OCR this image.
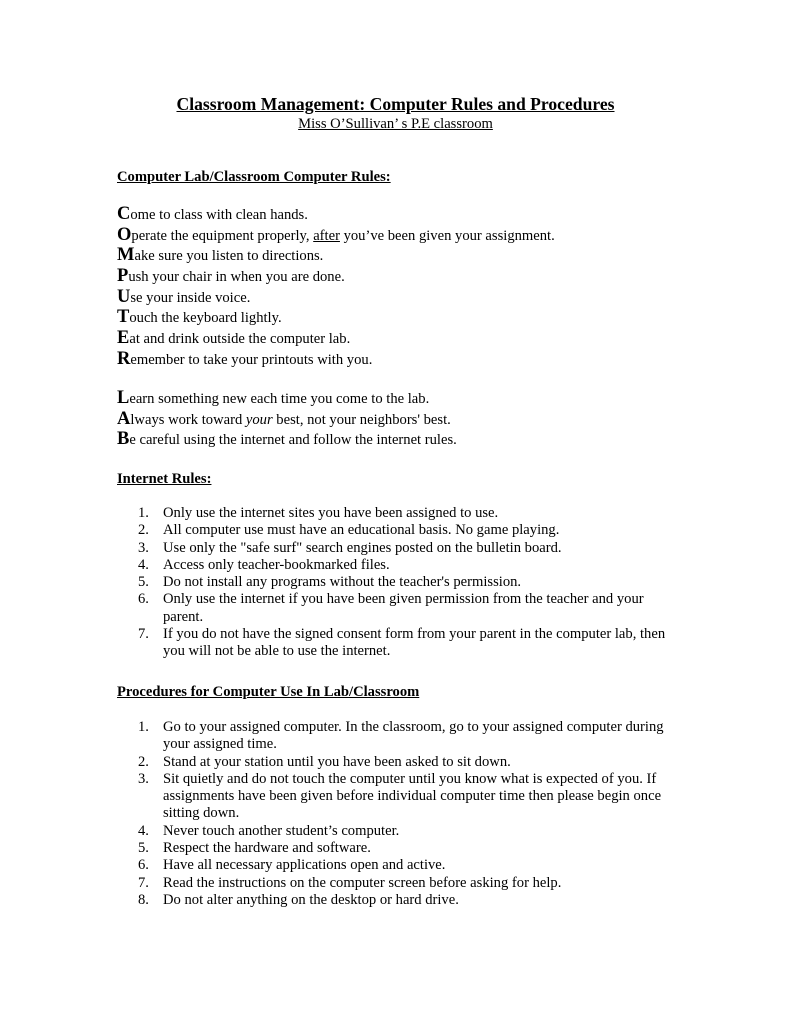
Classroom Management: Computer Rules and Procedures
Miss O’Sullivan’ s P.E classroom
Computer Lab/Classroom Computer Rules:
Come to class with clean hands.
Operate the equipment properly, after you’ve been given your assignment.
Make sure you listen to directions.
Push your chair in when you are done.
Use your inside voice.
Touch the keyboard lightly.
Eat and drink outside the computer lab.
Remember to take your printouts with you.
Learn something new each time you come to the lab.
Always work toward your best, not your neighbors' best.
Be careful using the internet and follow the internet rules.
Internet Rules:
1. Only use the internet sites you have been assigned to use.
2. All computer use must have an educational basis. No game playing.
3. Use only the "safe surf" search engines posted on the bulletin board.
4. Access only teacher-bookmarked files.
5. Do not install any programs without the teacher's permission.
6. Only use the internet if you have been given permission from the teacher and your parent.
7. If you do not have the signed consent form from your parent in the computer lab, then you will not be able to use the internet.
Procedures for Computer Use In Lab/Classroom
1. Go to your assigned computer. In the classroom, go to your assigned computer during your assigned time.
2. Stand at your station until you have been asked to sit down.
3. Sit quietly and do not touch the computer until you know what is expected of you. If assignments have been given before individual computer time then please begin once sitting down.
4. Never touch another student’s computer.
5. Respect the hardware and software.
6. Have all necessary applications open and active.
7. Read the instructions on the computer screen before asking for help.
8. Do not alter anything on the desktop or hard drive.
